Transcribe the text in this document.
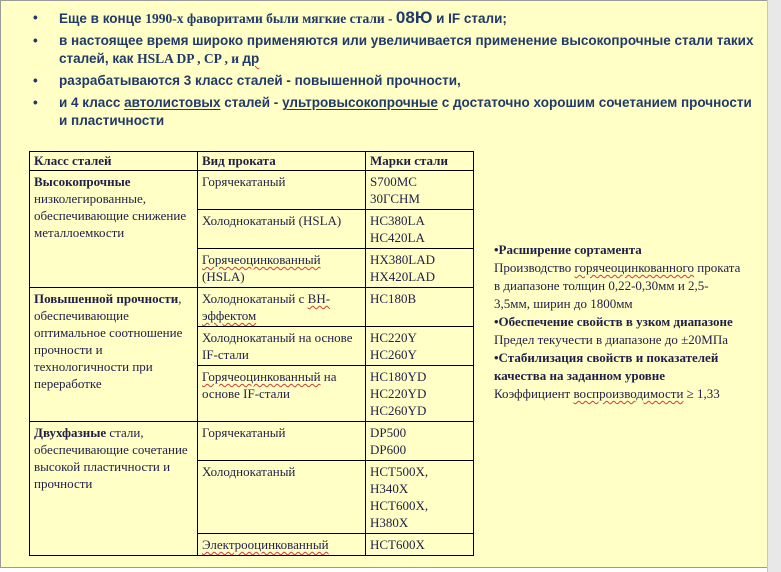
• Еще в конце 1990-х фаворитами были мягкие стали - 08Ю и IF стали;
• в настоящее время широко применяются или увеличивается применение высокопрочные стали таких сталей, как HSLA DP , CP , и др
• разрабатываются 3 класс сталей - повышенной прочности,
• и 4 класс автолистовых сталей - ультровысокопрочные с достаточно хорошим сочетанием прочности и пластичности
Класс сталей	Вид проката	Марки стали
Высокопрочные низколегированные, обеспечивающие снижение металлоемкости	Горячекатаный	S700MC
30ГСНМ
	Холоднокатаный (HSLA)	HC380LA
HC420LA
	Горячеоцинкованный (HSLA)	HX380LAD
HX420LAD
Повышенной прочности, обеспечивающие оптимальное соотношение прочности и технологичности при переработке	Холоднокатаный с BH-эффектом	HC180B
	Холоднокатаный на основе IF-стали	HC220Y
HC260Y
	Горячеоцинкованный на основе IF-стали	HC180YD
HC220YD
HC260YD
Двухфазные стали, обеспечивающие сочетание высокой пластичности и прочности	Горячекатаный	DP500
DP600
	Холоднокатаный	HCT500X,
H340X
HCT600X,
H380X
	Электрооцинкованный	HCT600X
•Расширение сортамента
Производство горячеоцинкованного проката в диапазоне толщин 0,22-0,30мм и 2,5-3,5мм, ширин до 1800мм
•Обеспечение свойств в узком диапазоне
Предел текучести в диапазоне до ±20МПа
•Стабилизация свойств и показателей качества на заданном уровне
Коэффициент воспроизводимости ≥ 1,33
